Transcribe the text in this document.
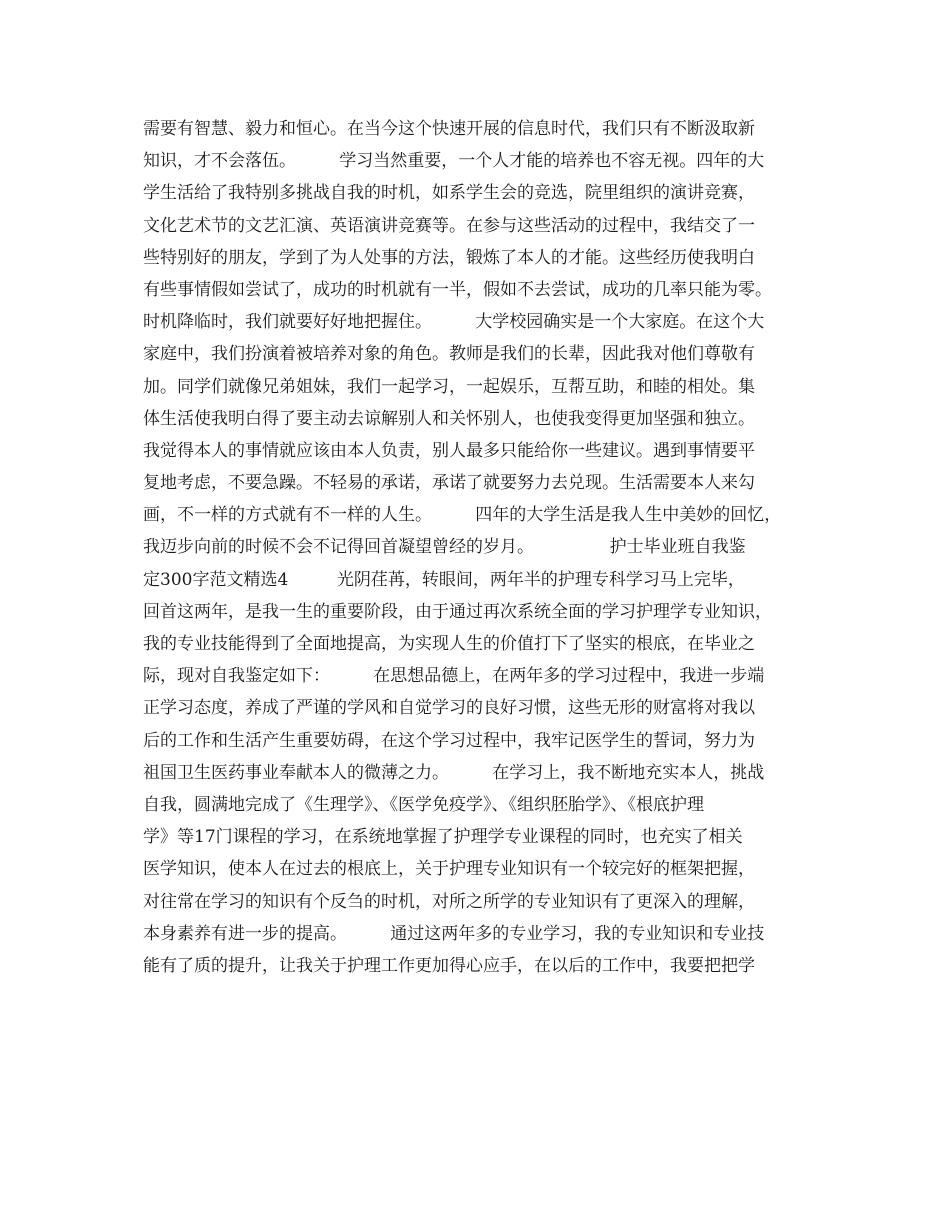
需要有智慧、毅力和恒心。在当今这个快速开展的信息时代，我们只有不断汲取新
知识，才不会落伍。        学习当然重要，一个人才能的培养也不容无视。四年的大
学生活给了我特别多挑战自我的时机，如系学生会的竞选，院里组织的演讲竞赛，
文化艺术节的文艺汇演、英语演讲竞赛等。在参与这些活动的过程中，我结交了一
些特别好的朋友，学到了为人处事的方法，锻炼了本人的才能。这些经历使我明白
有些事情假如尝试了，成功的时机就有一半，假如不去尝试，成功的几率只能为零。
时机降临时，我们就要好好地把握住。        大学校园确实是一个大家庭。在这个大
家庭中，我们扮演着被培养对象的角色。教师是我们的长辈，因此我对他们尊敬有
加。同学们就像兄弟姐妹，我们一起学习，一起娱乐，互帮互助，和睦的相处。集
体生活使我明白得了要主动去谅解别人和关怀别人，也使我变得更加坚强和独立。
我觉得本人的事情就应该由本人负责，别人最多只能给你一些建议。遇到事情要平
复地考虑，不要急躁。不轻易的承诺，承诺了就要努力去兑现。生活需要本人来勾
画，不一样的方式就有不一样的人生。        四年的大学生活是我人生中美妙的回忆，
我迈步向前的时候不会不记得回首凝望曾经的岁月。              护士毕业班自我鉴
定300字范文精选4         光阴荏苒，转眼间，两年半的护理专科学习马上完毕，
回首这两年，是我一生的重要阶段，由于通过再次系统全面的学习护理学专业知识，
我的专业技能得到了全面地提高，为实现人生的价值打下了坚实的根底，在毕业之
际，现对自我鉴定如下：        在思想品德上，在两年多的学习过程中，我进一步端
正学习态度，养成了严谨的学风和自觉学习的良好习惯，这些无形的财富将对我以
后的工作和生活产生重要妨碍，在这个学习过程中，我牢记医学生的誓词，努力为
祖国卫生医药事业奉献本人的微薄之力。        在学习上，我不断地充实本人，挑战
自我，圆满地完成了《生理学》、《医学免疫学》、《组织胚胎学》、《根底护理
学》等17门课程的学习，在系统地掌握了护理学专业课程的同时，也充实了相关
医学知识，使本人在过去的根底上，关于护理专业知识有一个较完好的框架把握，
对往常在学习的知识有个反刍的时机，对所之所学的专业知识有了更深入的理解，
本身素养有进一步的提高。        通过这两年多的专业学习，我的专业知识和专业技
能有了质的提升，让我关于护理工作更加得心应手，在以后的工作中，我要把把学
